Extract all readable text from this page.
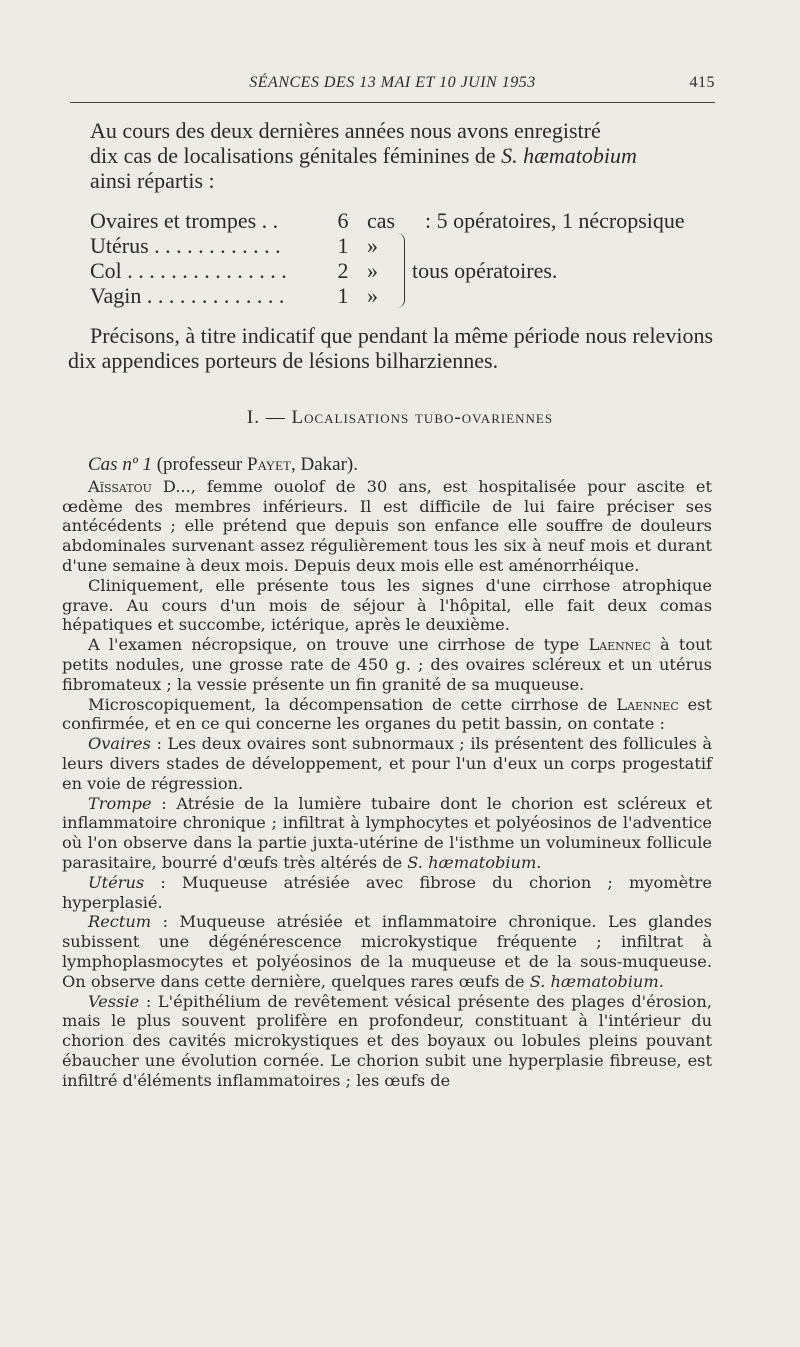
SÉANCES DES 13 MAI ET 10 JUIN 1953	415
Au cours des deux dernières années nous avons enregistré
dix cas de localisations génitales féminines de S. hæmatobium
ainsi répartis :
Ovaires et trompes . .	6 cas : 5 opératoires, 1 nécropsique
Utérus . . . . . . . . . . . .	1 »
Col . . . . . . . . . . . . . . . 2 »
Vagin . . . . . . . . . . . . . 1 »
tous opératoires.
Précisons, à titre indicatif que pendant la même période nous relevions dix appendices porteurs de lésions bilharziennes.
I. — Localisations tubo-ovariennes

Cas nº 1 (professeur Payet, Dakar).

Aïssatou D..., femme ouolof de 30 ans, est hospitalisée pour ascite et œdème des membres inférieurs. Il est difficile de lui faire préciser ses antécédents ; elle prétend que depuis son enfance elle souffre de douleurs abdominales survenant assez régulièrement tous les six à neuf mois et durant d'une semaine à deux mois. Depuis deux mois elle est aménorrhéique.

Cliniquement, elle présente tous les signes d'une cirrhose atrophique grave. Au cours d'un mois de séjour à l'hôpital, elle fait deux comas hépatiques et succombe, ictérique, après le deuxième.

A l'examen nécropsique, on trouve une cirrhose de type Laennec à tout petits nodules, une grosse rate de 450 g. ; des ovaires scléreux et un utérus fibromateux ; la vessie présente un fin granité de sa muqueuse.

Microscopiquement, la décompensation de cette cirrhose de Laennec est confirmée, et en ce qui concerne les organes du petit bassin, on contate :

Ovaires : Les deux ovaires sont subnormaux ; ils présentent des follicules à leurs divers stades de développement, et pour l'un d'eux un corps progestatif en voie de régression.

Trompe : Atrésie de la lumière tubaire dont le chorion est scléreux et inflammatoire chronique ; infiltrat à lymphocytes et polyéosinos de l'adventice où l'on observe dans la partie juxta-utérine de l'isthme un volumineux follicule parasitaire, bourré d'œufs très altérés de S. hæmatobium.

Utérus : Muqueuse atrésiée avec fibrose du chorion ; myomètre hyperplasié.

Rectum : Muqueuse atrésiée et inflammatoire chronique. Les glandes subissent une dégénérescence microkystique fréquente ; infiltrat à lymphoplasmocytes et polyéosinos de la muqueuse et de la sous-muqueuse. On observe dans cette dernière, quelques rares œufs de S. hæmatobium.

Vessie : L'épithélium de revêtement vésical présente des plages d'érosion, mais le plus souvent prolifère en profondeur, constituant à l'intérieur du chorion des cavités microkystiques et des boyaux ou lobules pleins pouvant ébaucher une évolution cornée. Le chorion subit une hyperplasie fibreuse, est infiltré d'éléments inflammatoires ; les œufs de
